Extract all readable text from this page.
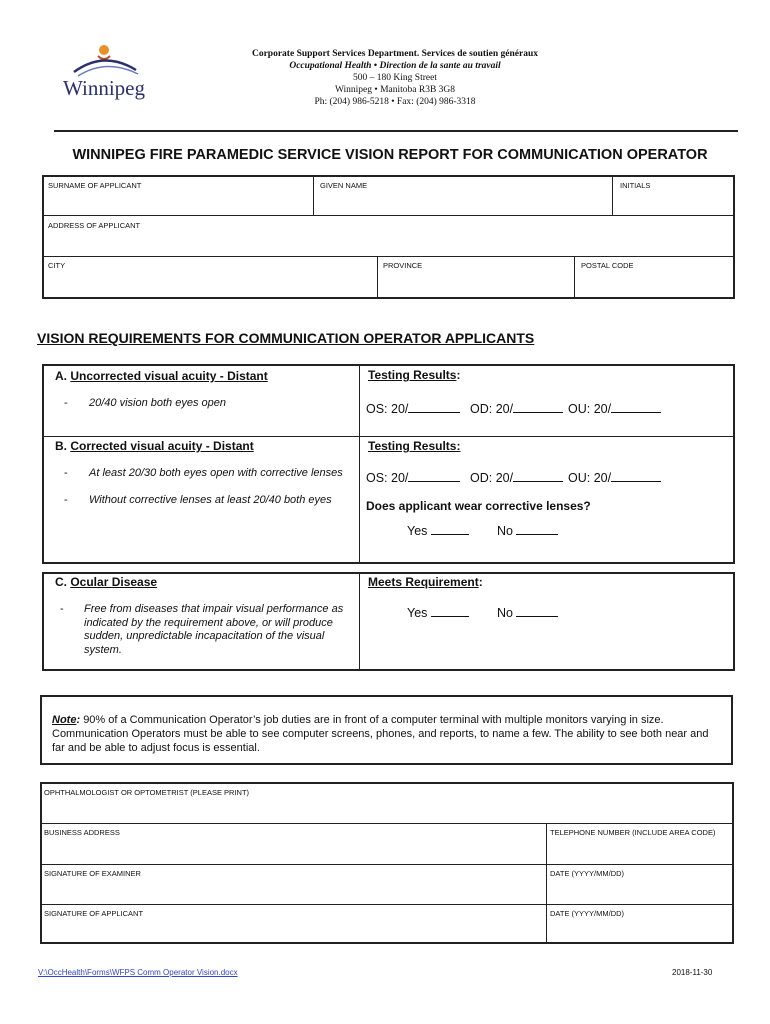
Winnipeg
Corporate Support Services Department. Services de soutien généraux
Occupational Health • Direction de la sante au travail
500 – 180 King Street
Winnipeg • Manitoba R3B 3G8
Ph: (204) 986-5218 • Fax: (204) 986-3318
WINNIPEG FIRE PARAMEDIC SERVICE VISION REPORT FOR COMMUNICATION OPERATOR
SURNAME OF APPLICANT	GIVEN NAME	INITIALS
ADDRESS OF APPLICANT
CITY	PROVINCE	POSTAL CODE
VISION REQUIREMENTS FOR COMMUNICATION OPERATOR APPLICANTS
A. Uncorrected visual acuity - Distant
- 20/40 vision both eyes open
Testing Results:
OS: 20/	OD: 20/	OU: 20/
B. Corrected visual acuity - Distant
- At least 20/30 both eyes open with corrective lenses
- Without corrective lenses at least 20/40 both eyes
Testing Results:
OS: 20/	OD: 20/	OU: 20/
Does applicant wear corrective lenses?
Yes	No
C. Ocular Disease
- Free from diseases that impair visual performance as indicated by the requirement above, or will produce sudden, unpredictable incapacitation of the visual system.
Meets Requirement:
Yes	No
Note: 90% of a Communication Operator’s job duties are in front of a computer terminal with multiple monitors varying in size. Communication Operators must be able to see computer screens, phones, and reports, to name a few. The ability to see both near and far and be able to adjust focus is essential.
OPHTHALMOLOGIST OR OPTOMETRIST (PLEASE PRINT)
BUSINESS ADDRESS	TELEPHONE NUMBER (INCLUDE AREA CODE)
SIGNATURE OF EXAMINER	DATE (YYYY/MM/DD)
SIGNATURE OF APPLICANT	DATE (YYYY/MM/DD)
V:\OccHealth\Forms\WFPS Comm Operator Vision.docx	2018-11-30
